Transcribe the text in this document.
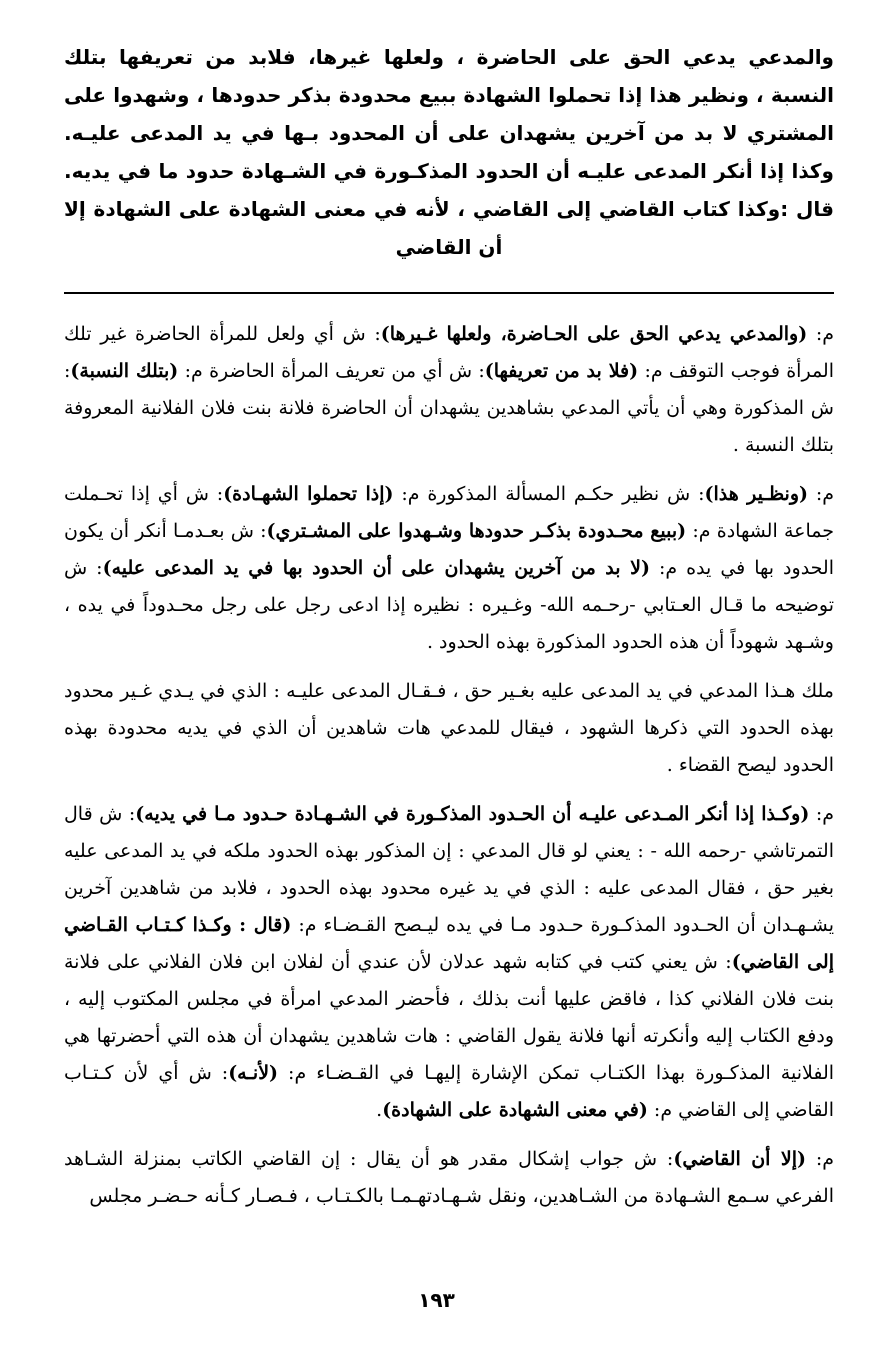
والمدعي يدعي الحق على الحاضرة ، ولعلها غيرها، فلابد من تعريفها بتلك النسبة ، ونظير هذا إذا تحملوا الشهادة ببيع محدودة بذكر حدودها ، وشهدوا على المشتري لا بد من آخرين يشهدان على أن المحدود بـها في يد المدعى عليـه. وكذا إذا أنكر المدعى عليـه أن الحدود المذكـورة في الشـهادة حدود ما في يديه. قال :وكذا كتاب القاضي إلى القاضي ، لأنه في معنى الشهادة على الشهادة إلا أن القاضي

م: (والمدعي يدعي الحق على الحـاضرة، ولعلها غـيرها): ش أي ولعل للمرأة الحاضرة غير تلك المرأة فوجب التوقف م: (فلا بد من تعريفها): ش أي من تعريف المرأة الحاضرة م: (بتلك النسبة): ش المذكورة وهي أن يأتي المدعي بشاهدين يشهدان أن الحاضرة فلانة بنت فلان الفلانية المعروفة بتلك النسبة .

م: (ونظـير هذا): ش نظير حكـم المسألة المذكورة م: (إذا تحملوا الشهـادة): ش أي إذا تحـملت جماعة الشهادة م: (ببيع محـدودة بذكـر حدودها وشـهدوا على المشـتري): ش بعـدمـا أنكر أن يكون الحدود بها في يده م: (لا بد من آخرين يشهدان على أن الحدود بها في يد المدعى عليه): ش توضيحه ما قـال العـتابي -رحـمه الله- وغـيره : نظيره إذا ادعى رجل على رجل محـدوداً في يده ، وشـهد شهوداً أن هذه الحدود المذكورة بهذه الحدود .

ملك هـذا المدعي في يد المدعى عليه بغـير حق ، فـقـال المدعى عليـه : الذي في يـدي غـير محدود بهذه الحدود التي ذكرها الشهود ، فيقال للمدعي هات شاهدين أن الذي في يديه محدودة بهذه الحدود ليصح القضاء .

م: (وكـذا إذا أنكر المـدعى عليـه أن الحـدود المذكـورة في الشـهـادة حـدود مـا في يديه): ش قال التمرتاشي -رحمه الله - : يعني لو قال المدعي : إن المذكور بهذه الحدود ملكه في يد المدعى عليه بغير حق ، فقال المدعى عليه : الذي في يد غيره محدود بهذه الحدود ، فلابد من شاهدين آخرين يشـهـدان أن الحـدود المذكـورة حـدود مـا في يده ليـصح القـضـاء م: (قال : وكـذا كـتـاب القـاضي إلى القاضي): ش يعني كتب في كتابه شهد عدلان لأن عندي أن لفلان ابن فلان الفلاني على فلانة بنت فلان الفلاني كذا ، فاقض عليها أنت بذلك ، فأحضر المدعي امرأة في مجلس المكتوب إليه ، ودفع الكتاب إليه وأنكرته أنها فلانة يقول القاضي : هات شاهدين يشهدان أن هذه التي أحضرتها هي الفلانية المذكـورة بهذا الكتـاب تمكن الإشارة إليهـا في القـضـاء م: (لأنـه): ش أي لأن كـتـاب القاضي إلى القاضي م: (في معنى الشهادة على الشهادة).

م: (إلا أن القاضي): ش جواب إشكال مقدر هو أن يقال : إن القاضي الكاتب بمنزلة الشـاهد الفرعي سـمع الشـهادة من الشـاهدين، ونقل شـهـادتهـمـا بالكـتـاب ، فـصـار كـأنه حـضـر مجلس

١٩٣
